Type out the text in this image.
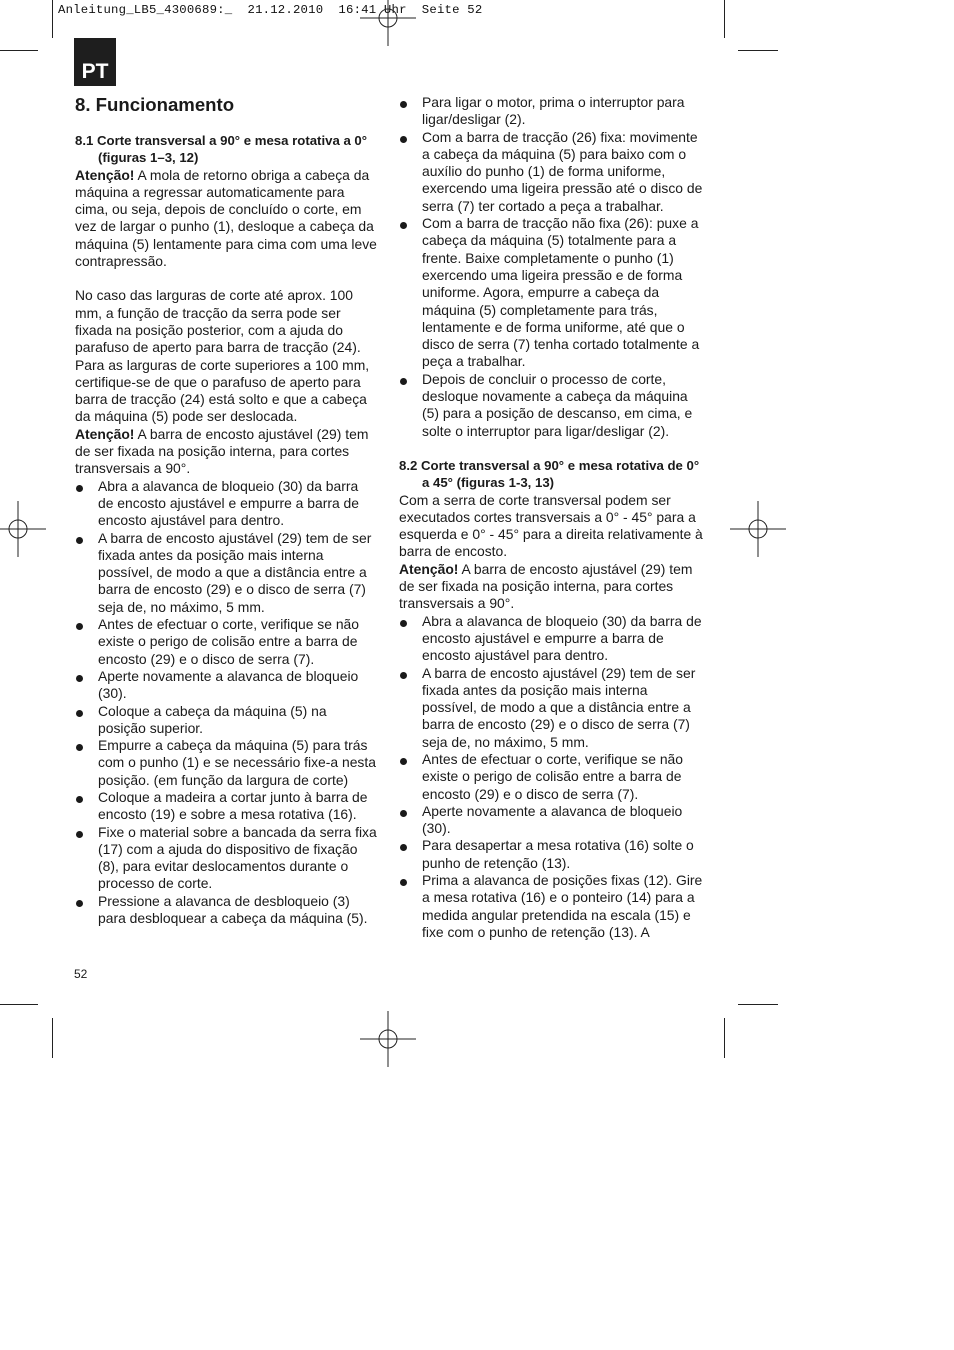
Anleitung_LB5_4300689:_  21.12.2010  16:41 Uhr  Seite 52
PT
8. Funcionamento

8.1 Corte transversal a 90° e mesa rotativa a 0° (figuras 1–3, 12)

Atenção! A mola de retorno obriga a cabeça da máquina a regressar automaticamente para cima, ou seja, depois de concluído o corte, em vez de largar o punho (1), desloque a cabeça da máquina (5) lentamente para cima com uma leve contrapressão.

No caso das larguras de corte até aprox. 100 mm, a função de tracção da serra pode ser fixada na posição posterior, com a ajuda do parafuso de aperto para barra de tracção (24). Para as larguras de corte superiores a 100 mm, certifique-se de que o parafuso de aperto para barra de tracção (24) está solto e que a cabeça da máquina (5) pode ser deslocada.

Atenção! A barra de encosto ajustável (29) tem de ser fixada na posição interna, para cortes transversais a 90°.

Abra a alavanca de bloqueio (30) da barra de encosto ajustável e empurre a barra de encosto ajustável para dentro.
A barra de encosto ajustável (29) tem de ser fixada antes da posição mais interna possível, de modo a que a distância entre a barra de encosto (29) e o disco de serra (7) seja de, no máximo, 5 mm.
Antes de efectuar o corte, verifique se não existe o perigo de colisão entre a barra de encosto (29) e o disco de serra (7).
Aperte novamente a alavanca de bloqueio (30).
Coloque a cabeça da máquina (5) na posição superior.
Empurre a cabeça da máquina (5) para trás com o punho (1) e se necessário fixe-a nesta posição. (em função da largura de corte)
Coloque a madeira a cortar junto à barra de encosto (19) e sobre a mesa rotativa (16).
Fixe o material sobre a bancada da serra fixa (17) com a ajuda do dispositivo de fixação (8), para evitar deslocamentos durante o processo de corte.
Pressione a alavanca de desbloqueio (3) para desbloquear a cabeça da máquina (5).
Para ligar o motor, prima o interruptor para ligar/desligar (2).
Com a barra de tracção (26) fixa: movimente a cabeça da máquina (5) para baixo com o auxílio do punho (1) de forma uniforme, exercendo uma ligeira pressão até o disco de serra (7) ter cortado a peça a trabalhar.
Com a barra de tracção não fixa (26): puxe a cabeça da máquina (5) totalmente para a frente. Baixe completamente o punho (1) exercendo uma ligeira pressão e de forma uniforme. Agora, empurre a cabeça da máquina (5) completamente para trás, lentamente e de forma uniforme, até que o disco de serra (7) tenha cortado totalmente a peça a trabalhar.
Depois de concluir o processo de corte, desloque novamente a cabeça da máquina (5) para a posição de descanso, em cima, e solte o interruptor para ligar/desligar (2).

8.2 Corte transversal a 90° e mesa rotativa de 0° a 45° (figuras 1-3, 13)

Com a serra de corte transversal podem ser executados cortes transversais a 0° - 45° para a esquerda e 0° - 45° para a direita relativamente à barra de encosto.

Atenção! A barra de encosto ajustável (29) tem de ser fixada na posição interna, para cortes transversais a 90°.

Abra a alavanca de bloqueio (30) da barra de encosto ajustável e empurre a barra de encosto ajustável para dentro.
A barra de encosto ajustável (29) tem de ser fixada antes da posição mais interna possível, de modo a que a distância entre a barra de encosto (29) e o disco de serra (7) seja de, no máximo, 5 mm.
Antes de efectuar o corte, verifique se não existe o perigo de colisão entre a barra de encosto (29) e o disco de serra (7).
Aperte novamente a alavanca de bloqueio (30).
Para desapertar a mesa rotativa (16) solte o punho de retenção (13).
Prima a alavanca de posições fixas (12). Gire a mesa rotativa (16) e o ponteiro (14) para a medida angular pretendida na escala (15) e fixe com o punho de retenção (13). A
52
